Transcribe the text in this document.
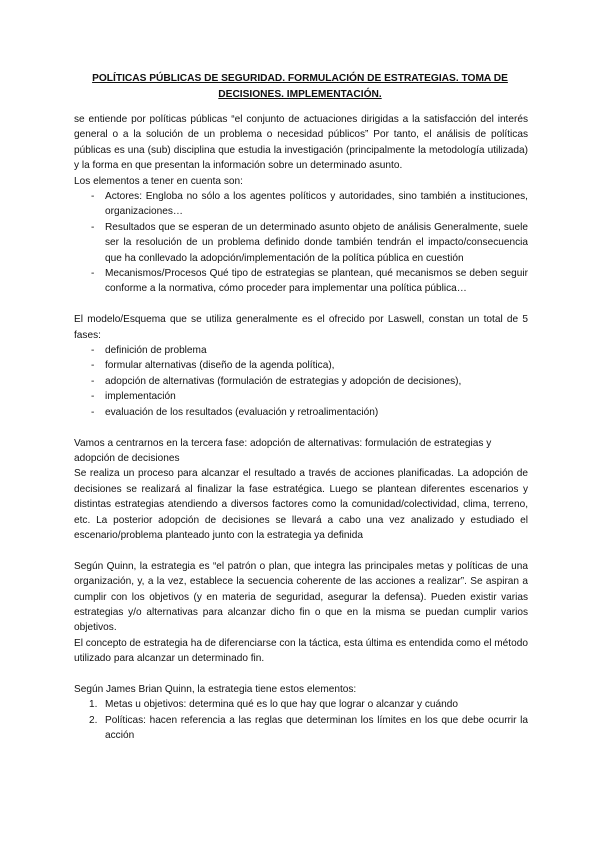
POLÍTICAS PÚBLICAS DE SEGURIDAD. FORMULACIÓN DE ESTRATEGIAS. TOMA DE DECISIONES. IMPLEMENTACIÓN.

se entiende por políticas públicas “el conjunto de actuaciones dirigidas a la satisfacción del interés general o a la solución de un problema o necesidad públicos” Por tanto, el análisis de políticas públicas es una (sub) disciplina que estudia la investigación (principalmente la metodología utilizada) y la forma en que presentan la información sobre un determinado asunto.

Los elementos a tener en cuenta son:

- Actores: Engloba no sólo a los agentes políticos y autoridades, sino también a instituciones, organizaciones…
- Resultados que se esperan de un determinado asunto objeto de análisis Generalmente, suele ser la resolución de un problema definido donde también tendrán el impacto/consecuencia que ha conllevado la adopción/implementación de la política pública en cuestión
- Mecanismos/Procesos Qué tipo de estrategias se plantean, qué mecanismos se deben seguir conforme a la normativa, cómo proceder para implementar una política pública…

El modelo/Esquema que se utiliza generalmente es el ofrecido por Laswell, constan un total de 5 fases:

- definición de problema
- formular alternativas (diseño de la agenda política),
- adopción de alternativas (formulación de estrategias y adopción de decisiones),
- implementación
- evaluación de los resultados (evaluación y retroalimentación)

Vamos a centrarnos en la tercera fase: adopción de alternativas: formulación de estrategias y adopción de decisiones

Se realiza un proceso para alcanzar el resultado a través de acciones planificadas. La adopción de decisiones se realizará al finalizar la fase estratégica. Luego se plantean diferentes escenarios y distintas estrategias atendiendo a diversos factores como la comunidad/colectividad, clima, terreno, etc. La posterior adopción de decisiones se llevará a cabo una vez analizado y estudiado el escenario/problema planteado junto con la estrategia ya definida

Según Quinn, la estrategia es “el patrón o plan, que integra las principales metas y políticas de una organización, y, a la vez, establece la secuencia coherente de las acciones a realizar”. Se aspiran a cumplir con los objetivos (y en materia de seguridad, asegurar la defensa). Pueden existir varias estrategias y/o alternativas para alcanzar dicho fin o que en la misma se puedan cumplir varios objetivos.

El concepto de estrategia ha de diferenciarse con la táctica, esta última es entendida como el método utilizado para alcanzar un determinado fin.

Según James Brian Quinn, la estrategia tiene estos elementos:

1. Metas u objetivos: determina qué es lo que hay que lograr o alcanzar y cuándo
2. Políticas: hacen referencia a las reglas que determinan los límites en los que debe ocurrir la acción
